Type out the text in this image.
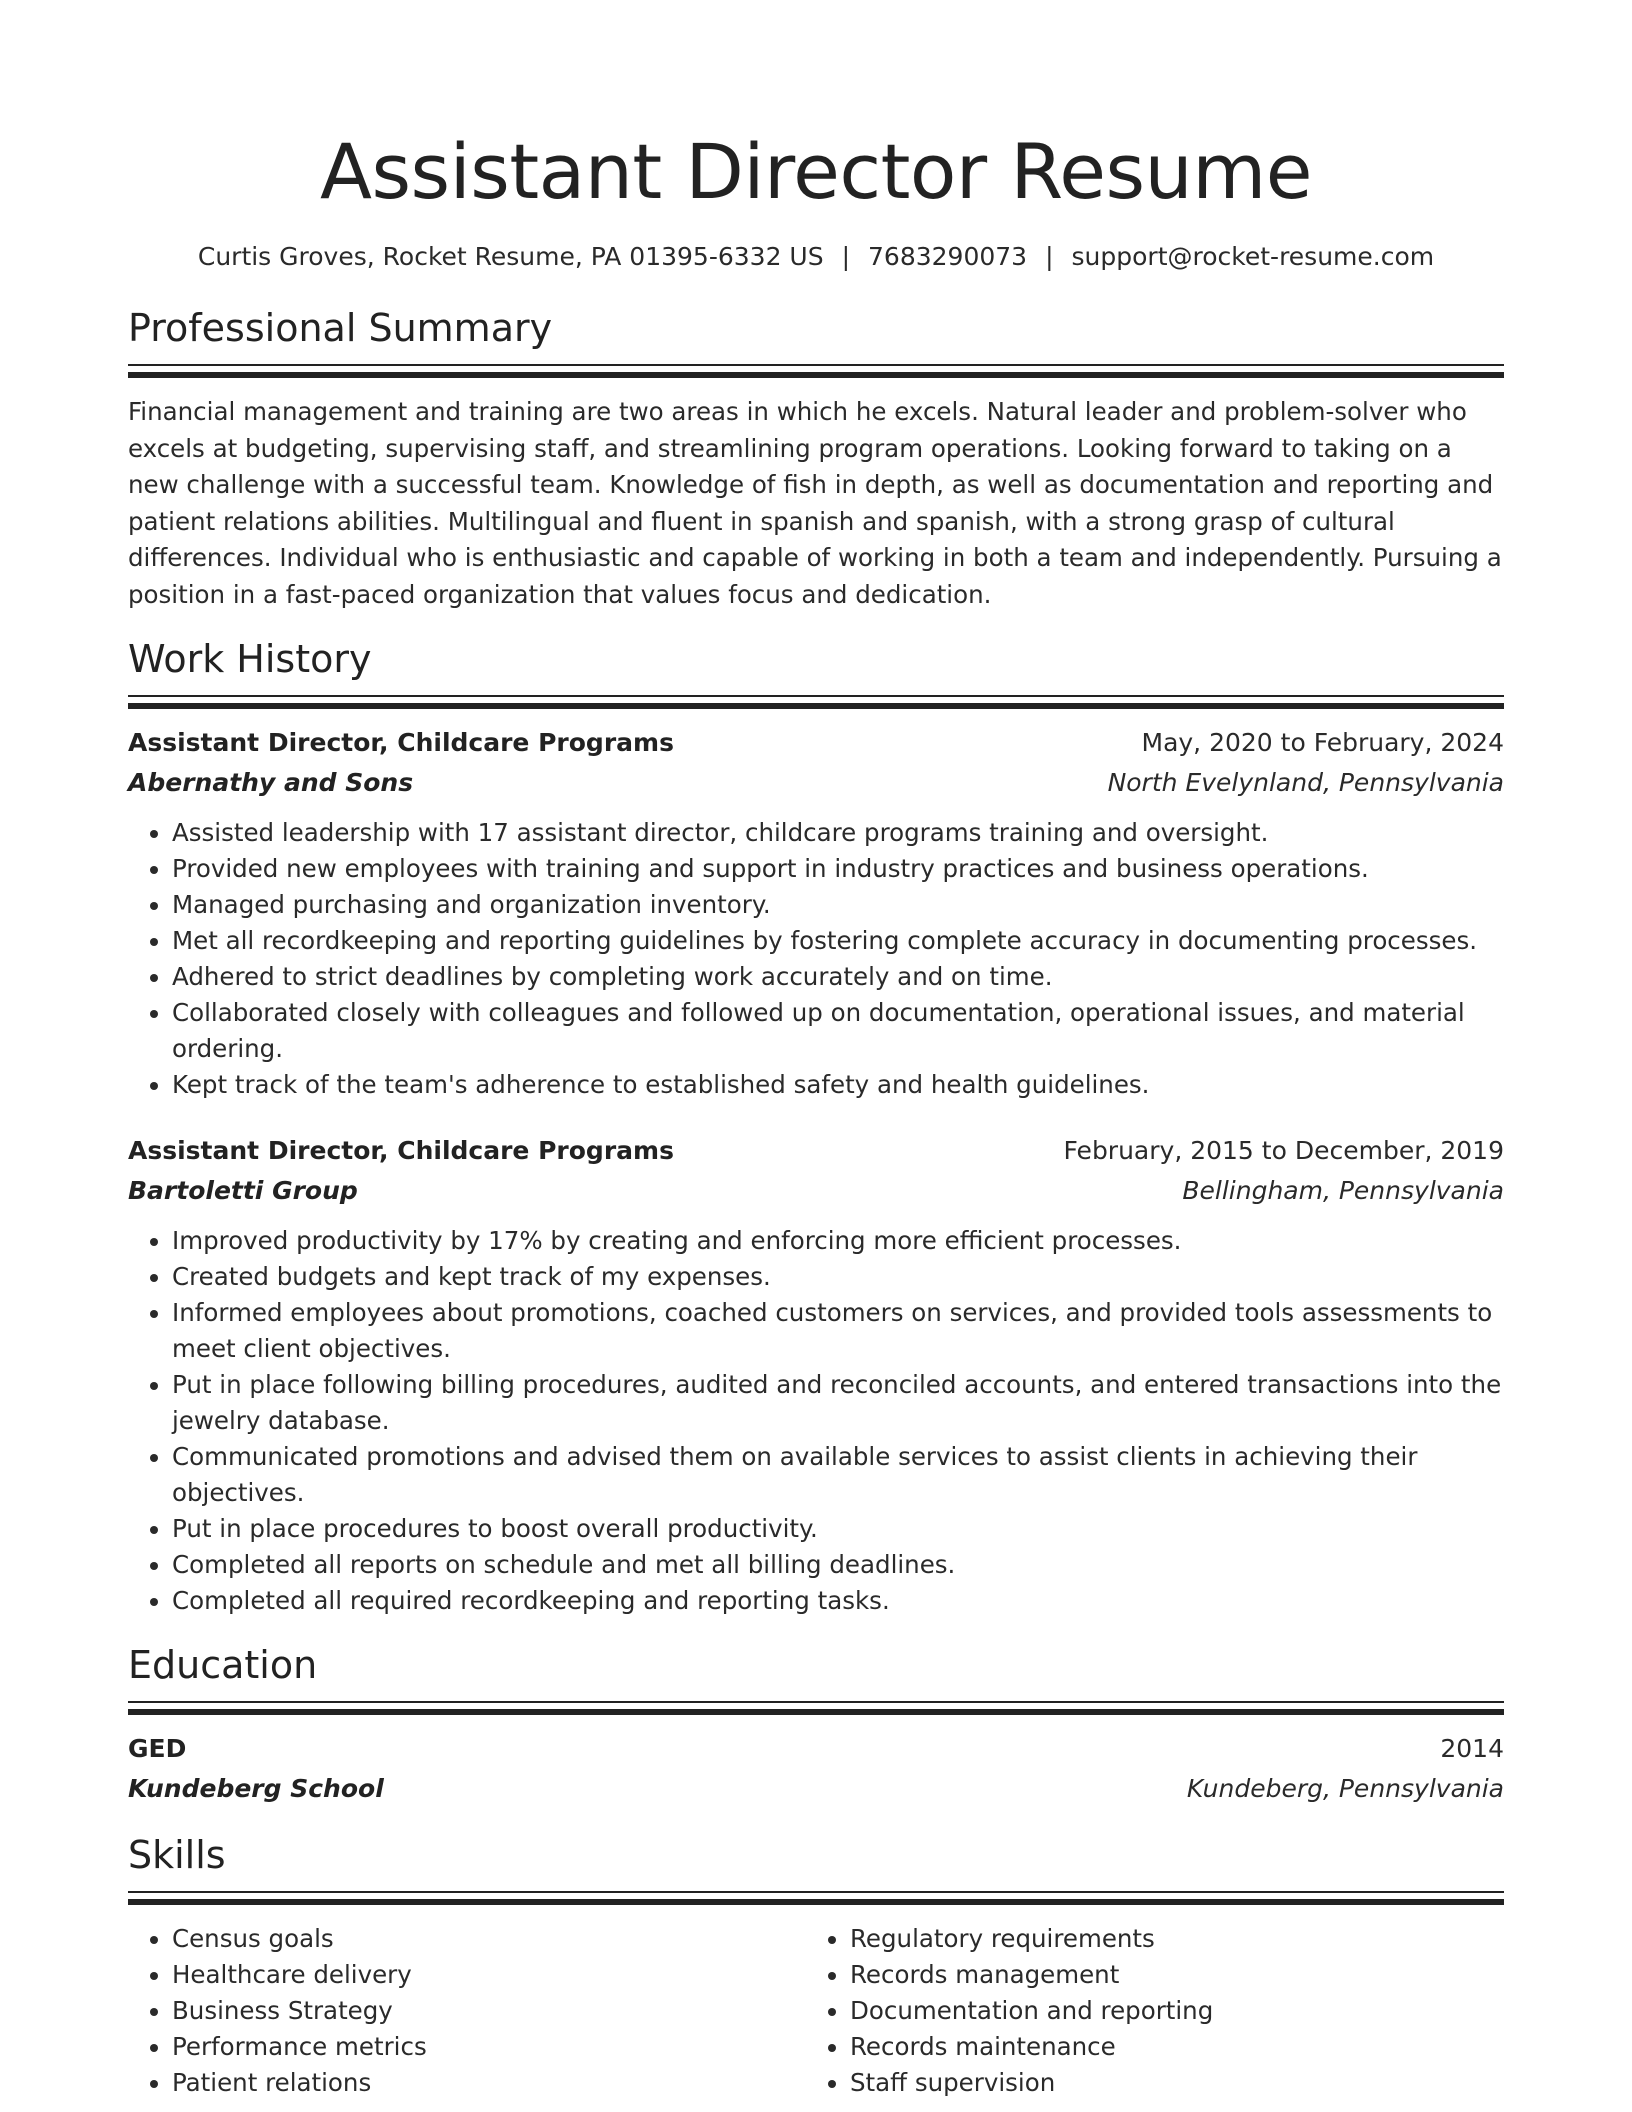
Assistant Director Resume
Curtis Groves, Rocket Resume, PA 01395-6332 US | 7683290073 | support@rocket-resume.com
Professional Summary

Financial management and training are two areas in which he excels. Natural leader and problem-solver who excels at budgeting, supervising staff, and streamlining program operations. Looking forward to taking on a new challenge with a successful team. Knowledge of fish in depth, as well as documentation and reporting and patient relations abilities. Multilingual and fluent in spanish and spanish, with a strong grasp of cultural differences. Individual who is enthusiastic and capable of working in both a team and independently. Pursuing a position in a fast-paced organization that values focus and dedication.

Work History
Assistant Director, Childcare Programs	May, 2020 to February, 2024
Abernathy and Sons	North Evelynland, Pennsylvania
• Assisted leadership with 17 assistant director, childcare programs training and oversight.
• Provided new employees with training and support in industry practices and business operations.
• Managed purchasing and organization inventory.
• Met all recordkeeping and reporting guidelines by fostering complete accuracy in documenting processes.
• Adhered to strict deadlines by completing work accurately and on time.
• Collaborated closely with colleagues and followed up on documentation, operational issues, and material ordering.
• Kept track of the team's adherence to established safety and health guidelines.
Assistant Director, Childcare Programs	February, 2015 to December, 2019
Bartoletti Group	Bellingham, Pennsylvania
• Improved productivity by 17% by creating and enforcing more efficient processes.
• Created budgets and kept track of my expenses.
• Informed employees about promotions, coached customers on services, and provided tools assessments to meet client objectives.
• Put in place following billing procedures, audited and reconciled accounts, and entered transactions into the jewelry database.
• Communicated promotions and advised them on available services to assist clients in achieving their objectives.
• Put in place procedures to boost overall productivity.
• Completed all reports on schedule and met all billing deadlines.
• Completed all required recordkeeping and reporting tasks.
Education
GED	2014
Kundeberg School	Kundeberg, Pennsylvania
Skills
• Census goals
• Healthcare delivery
• Business Strategy
• Performance metrics
• Patient relations
• Regulatory requirements
• Records management
• Documentation and reporting
• Records maintenance
• Staff supervision
